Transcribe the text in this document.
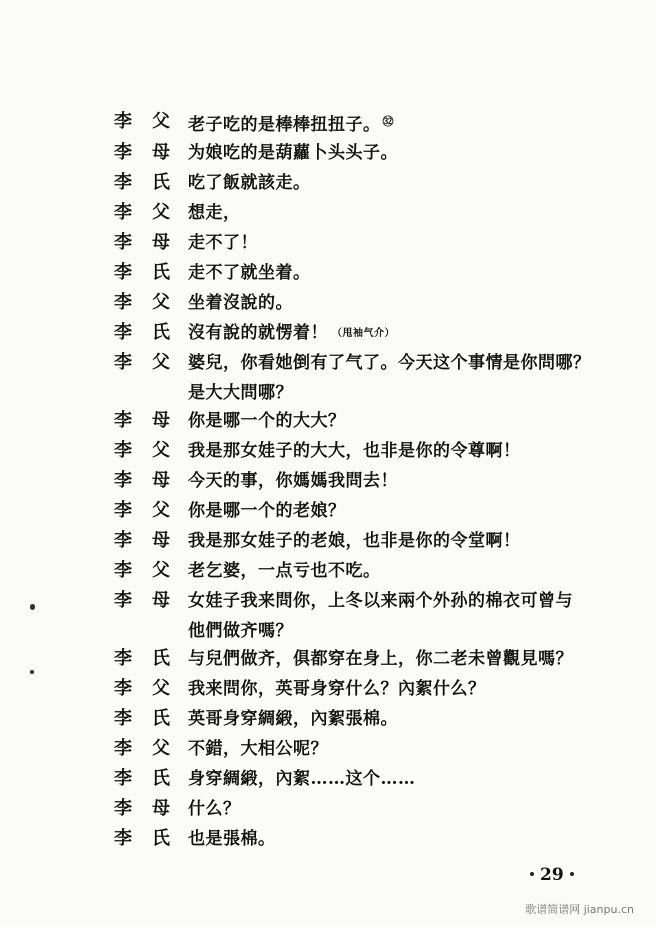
李	父	老子吃的是棒棒扭扭子。 $^㉜$
李	母	为娘吃的是葫蘿卜头头子。
李	氏	吃了飯就該走。
李	父	想走，
李	母	走不了！
李	氏	走不了就坐着。
李	父	坐着沒說的。
李	氏	沒有說的就愣着！ （甩袖气介）
李	父	婆兒，你看她倒有了气了。今天这个事情是你問哪？
是大大問哪？
李	母	你是哪一个的大大？
李	父	我是那女娃子的大大，也非是你的令尊啊！
李	母	今天的事，你媽媽我問去！
李	父	你是哪一个的老娘？
李	母	我是那女娃子的老娘，也非是你的令堂啊！
李	父	老乞婆，一点亏也不吃。
李	母	女娃子我来問你，上冬以来兩个外孙的棉衣可曾与
他們做齐嗎？
李	氏	与兒們做齐，俱都穿在身上，你二老未曾觀見嗎？
李	父	我来問你，英哥身穿什么？內絮什么？
李	氏	英哥身穿綢緞，內絮張棉。
李	父	不錯，大相公呢？
李	氏	身穿綢緞，內絮……这个……
李	母	什么？
李	氏	也是張棉。
29
歌谱简谱网 jianpu.cn
